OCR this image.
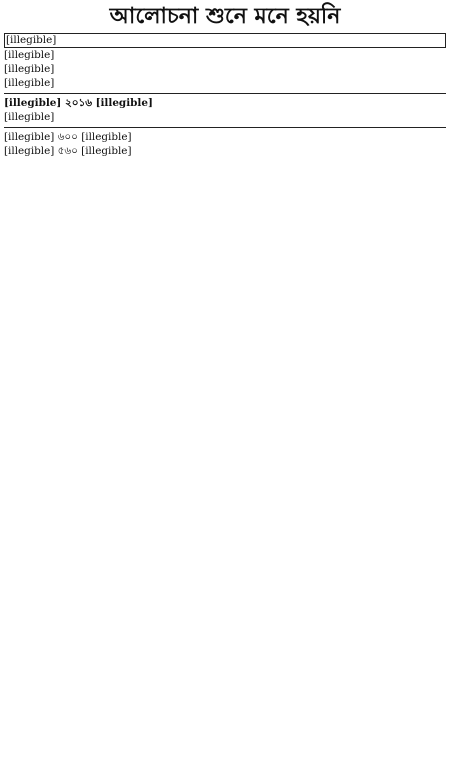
আলোচনা শুনে মনে হয়নি
[illegible]
[illegible]
[illegible]
[illegible]
[illegible] ২০১৬ [illegible]
[illegible]
[illegible] ৬০০ [illegible]
[illegible] ৫৬০ [illegible]
